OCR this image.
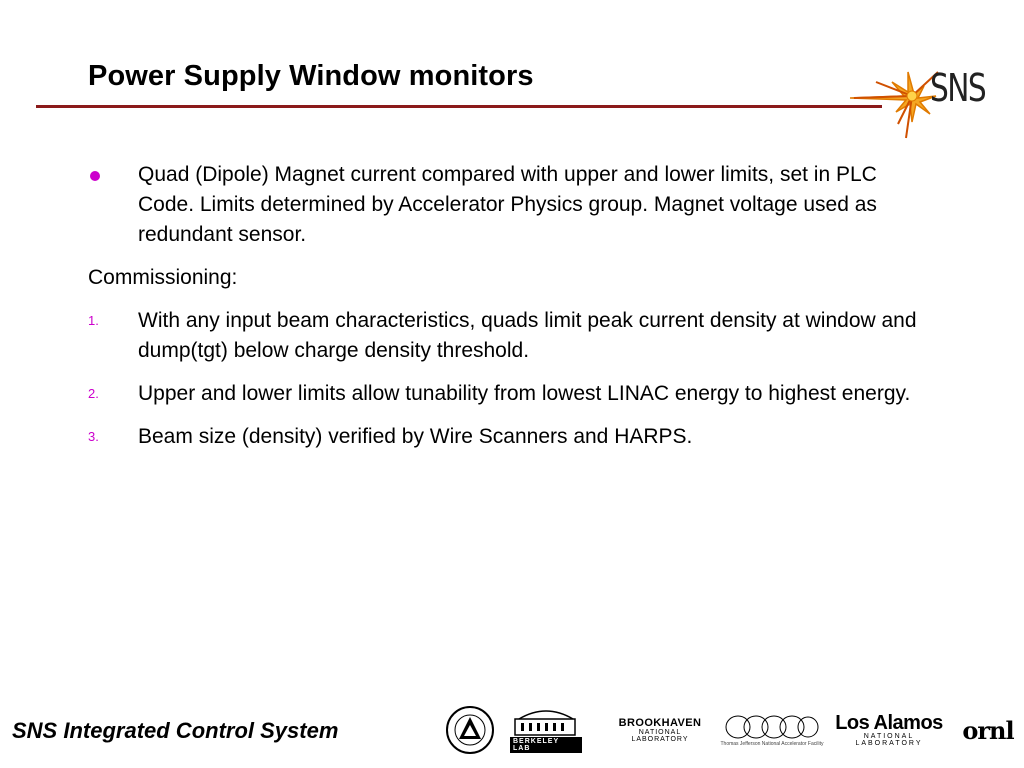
Power Supply Window monitors	SNS
Quad (Dipole) Magnet current compared with upper and lower limits, set in PLC Code. Limits determined by Accelerator Physics group. Magnet voltage used as redundant sensor.
Commissioning:
1.	With any input beam characteristics, quads limit peak current density at window and dump(tgt) below charge density threshold.
2.	Upper and lower limits allow tunability from lowest LINAC energy to highest energy.
3.	Beam size (density) verified by Wire Scanners and HARPS.
SNS Integrated Control System	BERKELEY LAB
BROOKHAVEN
NATIONAL LABORATORY
Thomas Jefferson National Accelerator Facility
Los Alamos
NATIONAL LABORATORY	ornl
